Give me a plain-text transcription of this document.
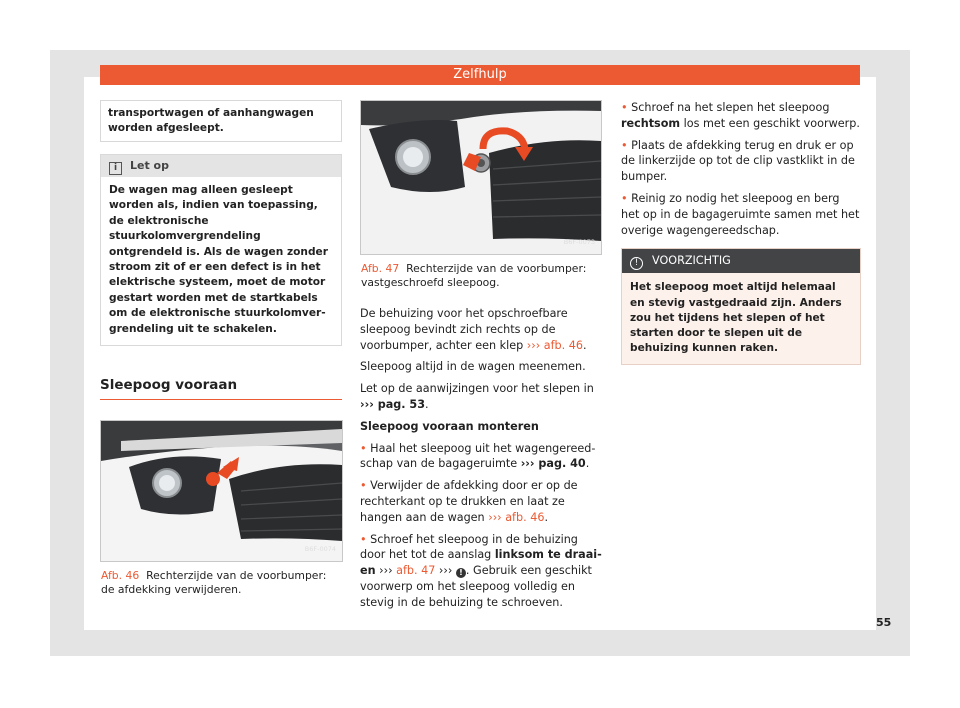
Zelfhulp
transportwagen of aanhangwagen worden afgesleept.
i Let op
De wagen mag alleen gesleept worden als, indien van toepassing, de elektronische stuurkolomvergrendeling ontgrendeld is. Als de wagen zonder stroom zit of er een defect is in het elektrische systeem, moet de motor gestart worden met de startkabels om de elektronische stuurkolomvergrendeling uit te schakelen.
Sleepoog vooraan
B6F-0074
Afb. 46 Rechterzijde van de voorbumper: de afdekking verwijderen.
B6F-0073
Afb. 47 Rechterzijde van de voorbumper: vastgeschroefd sleepoog.

De behuizing voor het opschroefbare sleepoog bevindt zich rechts op de voorbumper, achter een klep ››› afb. 46.

Sleepoog altijd in de wagen meenemen.

Let op de aanwijzingen voor het slepen in ››› pag. 53.

Sleepoog vooraan monteren

• Haal het sleepoog uit het wagengereedschap van de bagageruimte ››› pag. 40.

• Verwijder de afdekking door er op de rechterkant op te drukken en laat ze hangen aan de wagen ››› afb. 46.

• Schroef het sleepoog in de behuizing door het tot de aanslag linksom te draaien ››› afb. 47 ››› ! . Gebruik een geschikt voorwerp om het sleepoog volledig en stevig in de behuizing te schroeven.

• Schroef na het slepen het sleepoog rechtsom los met een geschikt voorwerp.

• Plaats de afdekking terug en druk er op de linkerzijde op tot de clip vastklikt in de bumper.

• Reinig zo nodig het sleepoog en berg het op in de bagageruimte samen met het overige wagengereedschap.

! VOORZICHTIG
Het sleepoog moet altijd helemaal en stevig vastgedraaid zijn. Anders zou het tijdens het slepen of het starten door te slepen uit de behuizing kunnen raken.
55
